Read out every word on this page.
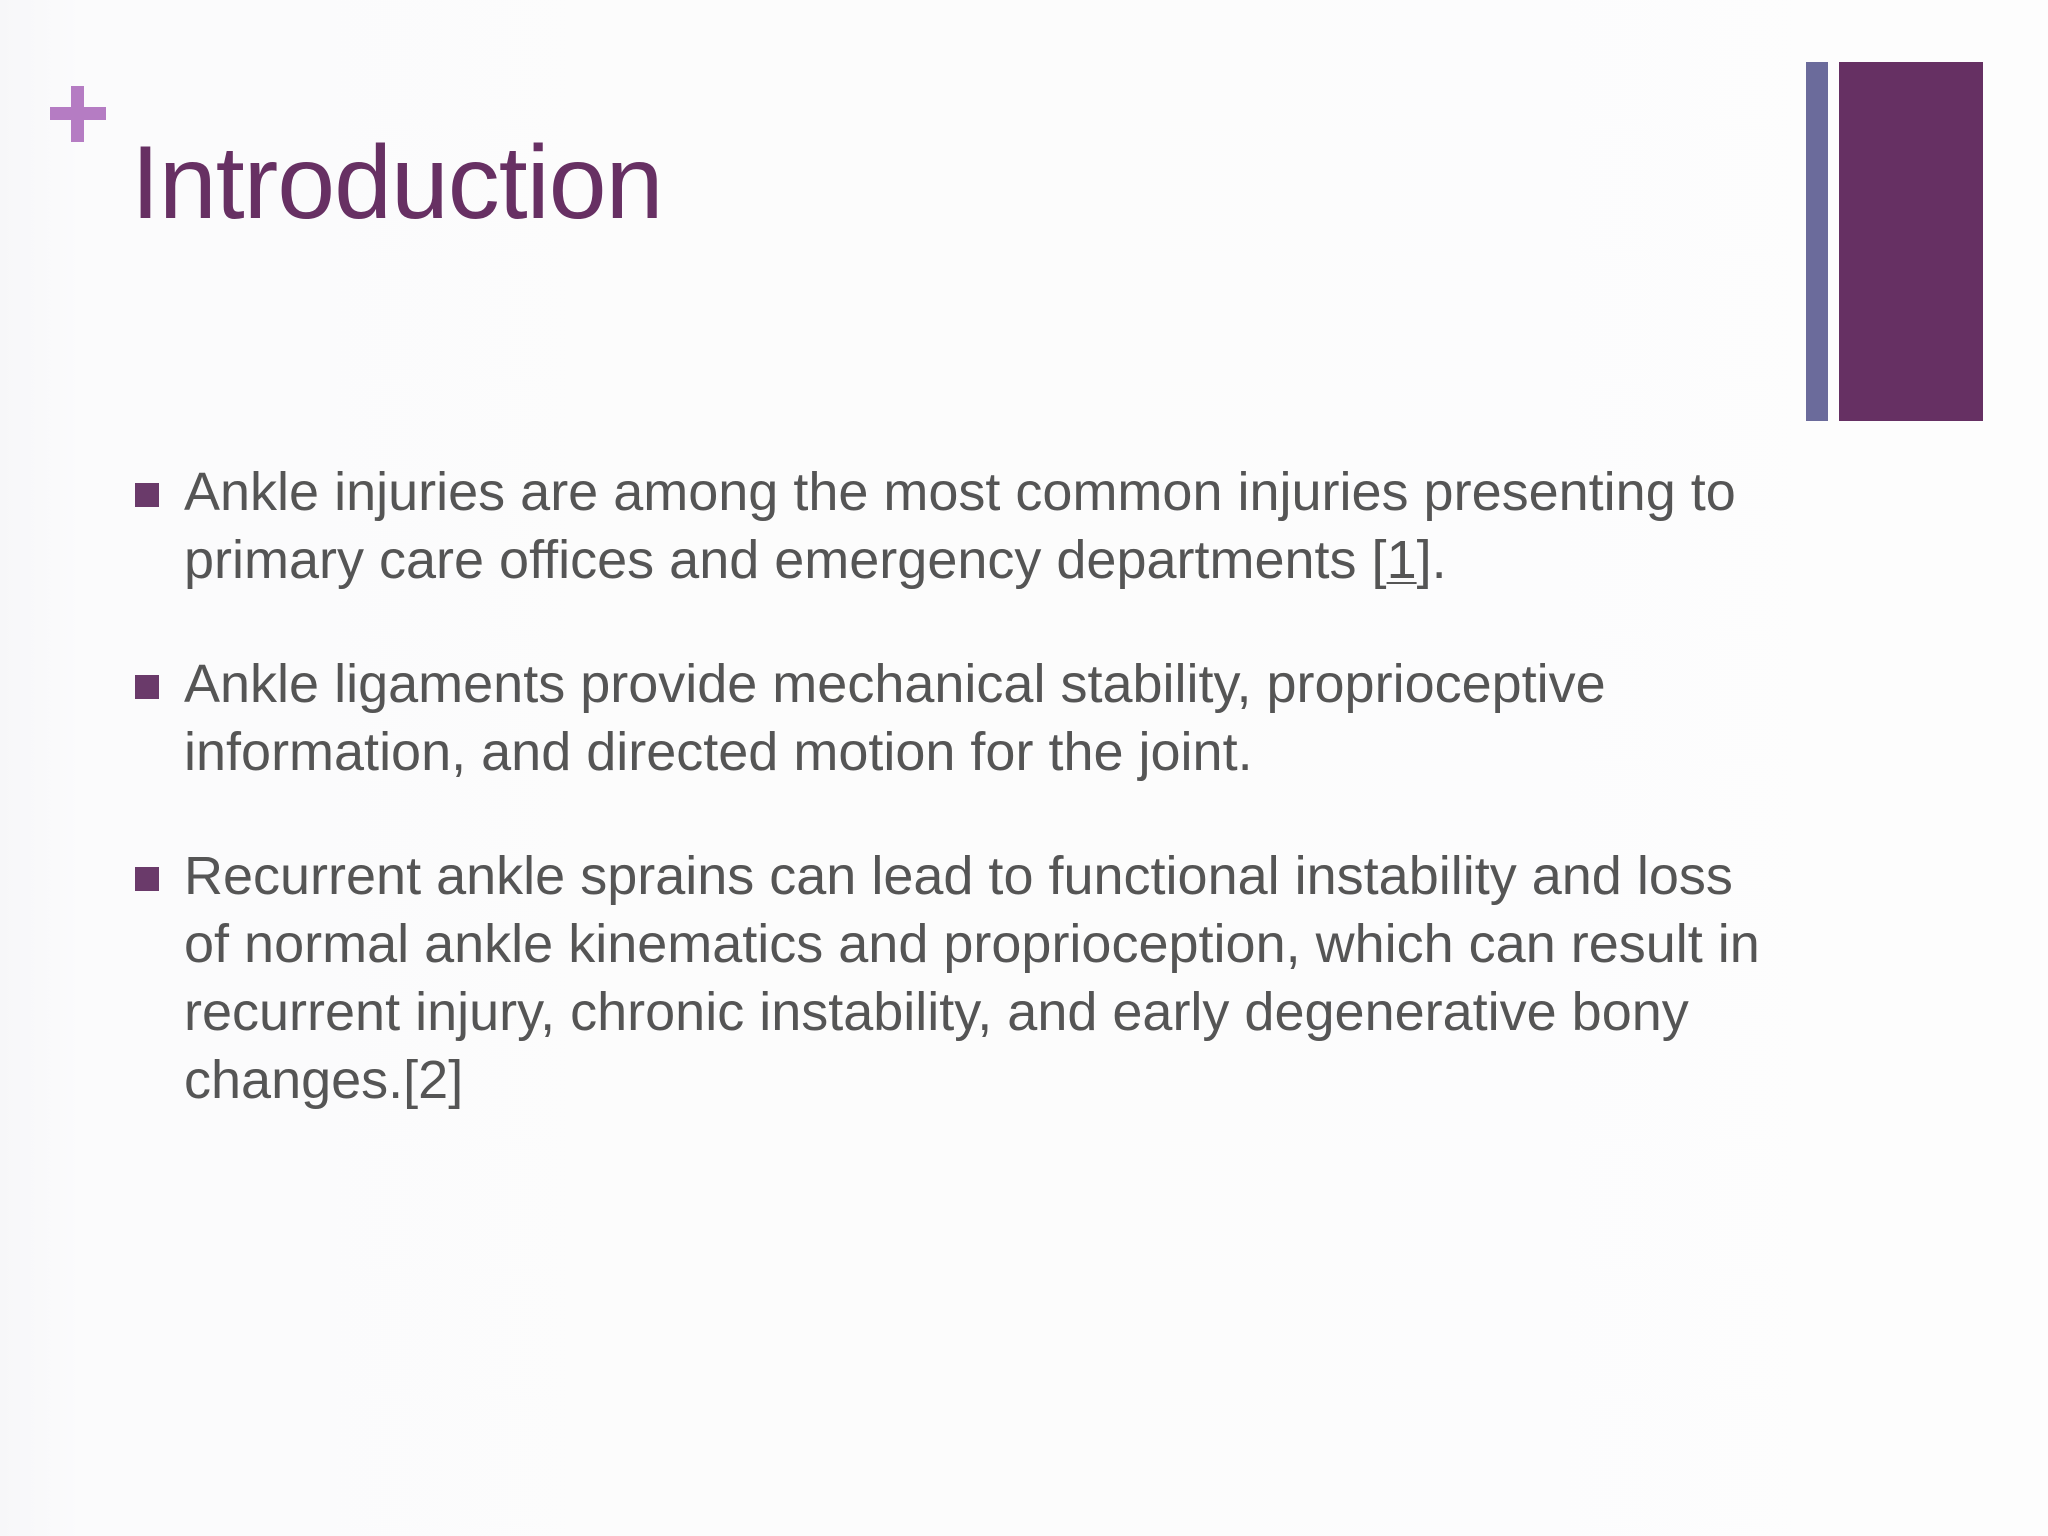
Introduction
Ankle injuries are among the most common injuries presenting to primary care offices and emergency departments [1].
Ankle ligaments provide mechanical stability, proprioceptive information, and directed motion for the joint.
Recurrent ankle sprains can lead to functional instability and loss of normal ankle kinematics and proprioception, which can result in recurrent injury, chronic instability, and early degenerative bony changes.[2]
